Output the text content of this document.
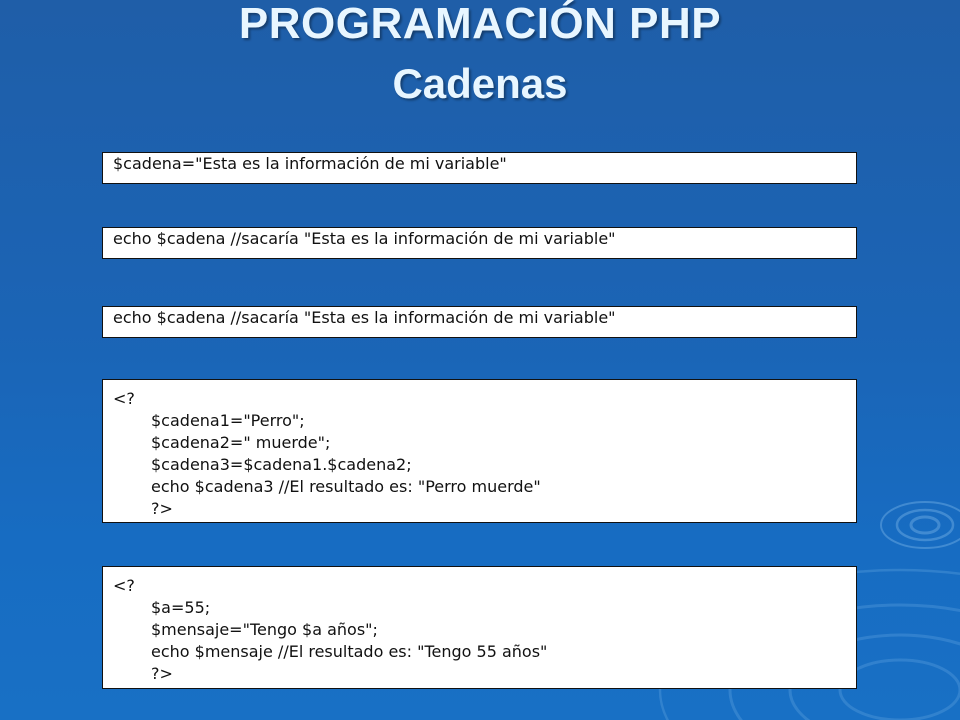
PROGRAMACIÓN PHP
Cadenas
$cadena="Esta es la información de mi variable"
echo $cadena //sacaría "Esta es la información de mi variable"
echo $cadena //sacaría "Esta es la información de mi variable"
<?
$cadena1="Perro";
$cadena2=" muerde";
$cadena3=$cadena1.$cadena2;
echo $cadena3 //El resultado es: "Perro muerde"
?>
<?
$a=55;
$mensaje="Tengo $a años";
echo $mensaje //El resultado es: "Tengo 55 años"
?>
